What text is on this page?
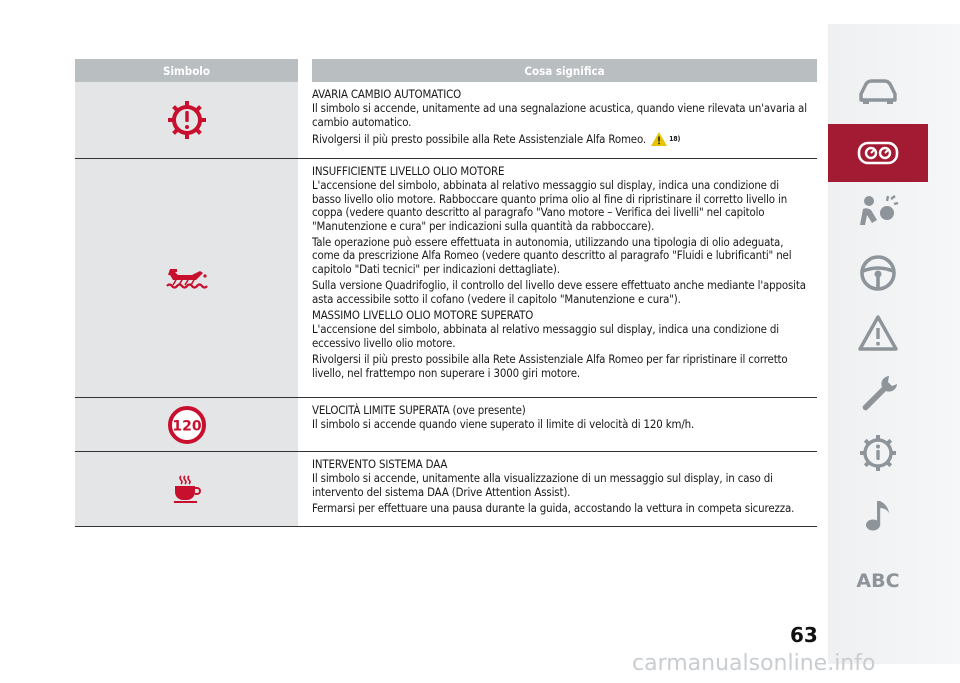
Simbolo	Cosa significa

AVARIA CAMBIO AUTOMATICO

Il simbolo si accende, unitamente ad una segnalazione acustica, quando viene rilevata un'avaria al cambio automatico.

Rivolgersi il più presto possibile alla Rete Assistenziale Alfa Romeo.	18)

INSUFFICIENTE LIVELLO OLIO MOTORE

L'accensione del simbolo, abbinata al relativo messaggio sul display, indica una condizione di basso livello olio motore. Rabboccare quanto prima olio al fine di ripristinare il corretto livello in coppa (vedere quanto descritto al paragrafo "Vano motore – Verifica dei livelli" nel capitolo "Manutenzione e cura" per indicazioni sulla quantità da rabboccare).

Tale operazione può essere effettuata in autonomia, utilizzando una tipologia di olio adeguata, come da prescrizione Alfa Romeo (vedere quanto descritto al paragrafo "Fluidi e lubrificanti" nel capitolo "Dati tecnici" per indicazioni dettagliate).

Sulla versione Quadrifoglio, il controllo del livello deve essere effettuato anche mediante l'apposita asta accessibile sotto il cofano (vedere il capitolo "Manutenzione e cura").

MASSIMO LIVELLO OLIO MOTORE SUPERATO

L'accensione del simbolo, abbinata al relativo messaggio sul display, indica una condizione di eccessivo livello olio motore.

Rivolgersi il più presto possibile alla Rete Assistenziale Alfa Romeo per far ripristinare il corretto livello, nel frattempo non superare i 3000 giri motore.

120

VELOCITÀ LIMITE SUPERATA (ove presente)

Il simbolo si accende quando viene superato il limite di velocità di 120 km/h.

INTERVENTO SISTEMA DAA

Il simbolo si accende, unitamente alla visualizzazione di un messaggio sul display, in caso di intervento del sistema DAA (Drive Attention Assist).

Fermarsi per effettuare una pausa durante la guida, accostando la vettura in competa sicurezza.

ABC
63
carmanualsonline.info
